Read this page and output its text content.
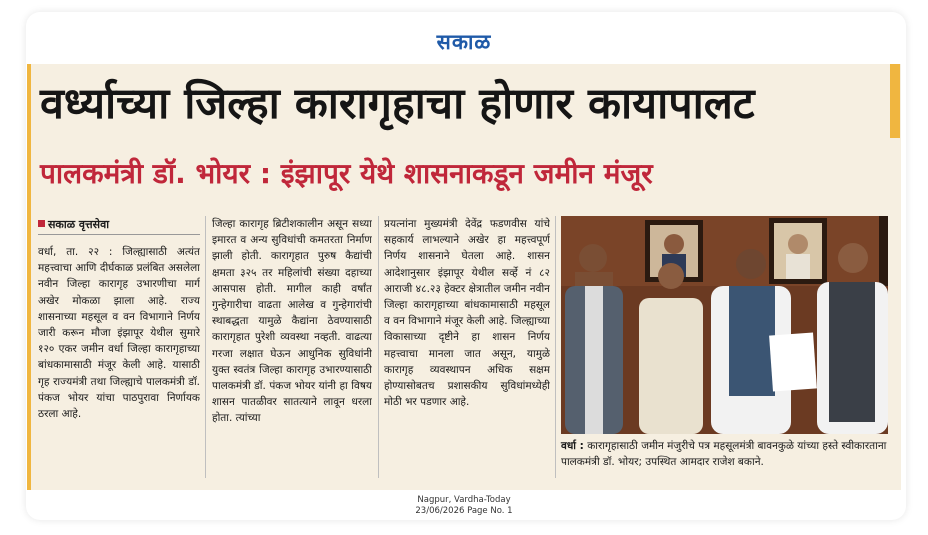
सकाळ
वर्ध्याच्या जिल्हा कारागृहाचा होणार कायापालट
पालकमंत्री डॉ. भोयर : इंझापूर येथे शासनाकडून जमीन मंजूर
सकाळ वृत्तसेवा
वर्धा, ता. २२ : जिल्ह्यासाठी अत्यंत महत्त्वाचा आणि दीर्घकाळ प्रलंबित असलेला नवीन जिल्हा कारागृह उभारणीचा मार्ग अखेर मोकळा झाला आहे. राज्य शासनाच्या महसूल व वन विभागाने निर्णय जारी करून मौजा इंझापूर येथील सुमारे १२० एकर जमीन वर्धा जिल्हा कारागृहाच्या बांधकामासाठी मंजूर केली आहे. यासाठी गृह राज्यमंत्री तथा जिल्ह्याचे पालकमंत्री डॉ. पंकज भोयर यांचा पाठपुरावा निर्णायक ठरला आहे.
जिल्हा कारागृह ब्रिटीशकालीन असून सध्या इमारत व अन्य सुविधांची कमतरता निर्माण झाली होती. कारागृहात पुरुष कैद्यांची क्षमता ३२५ तर महिलांची संख्या दहाच्या आसपास होती. मागील काही वर्षांत गुन्हेगारीचा वाढता आलेख व गुन्हेगारांची स्थाबद्धता यामुळे कैद्यांना ठेवण्यासाठी कारागृहात पुरेशी व्यवस्था नव्हती. वाढत्या गरजा लक्षात घेऊन आधुनिक सुविधांनी युक्त स्वतंत्र जिल्हा कारागृह उभारण्यासाठी पालकमंत्री डॉ. पंकज भोयर यांनी हा विषय शासन पातळीवर सातत्याने लावून धरला होता. त्यांच्या
प्रयत्नांना मुख्यमंत्री देवेंद्र फडणवीस यांचे सहकार्य लाभल्याने अखेर हा महत्त्वपूर्ण निर्णय शासनाने घेतला आहे. शासन आदेशानुसार इंझापूर येथील सर्व्हे नं ८२ आराजी ४८.२३ हेक्टर क्षेत्रातील जमीन नवीन जिल्हा कारागृहाच्या बांधकामासाठी महसूल व वन विभागाने मंजूर केली आहे. जिल्ह्याच्या विकासाच्या दृष्टीने हा शासन निर्णय महत्त्वाचा मानला जात असून, यामुळे कारागृह व्यवस्थापन अधिक सक्षम होण्यासोबतच प्रशासकीय सुविधांमध्येही मोठी भर पडणार आहे.
वर्धा : कारागृहासाठी जमीन मंजुरीचे पत्र महसूलमंत्री बावनकुळे यांच्या हस्ते स्वीकारताना पालकमंत्री डॉ. भोयर; उपस्थित आमदार राजेश बकाने.
Nagpur, Vardha-Today
23/06/2026 Page No. 1
